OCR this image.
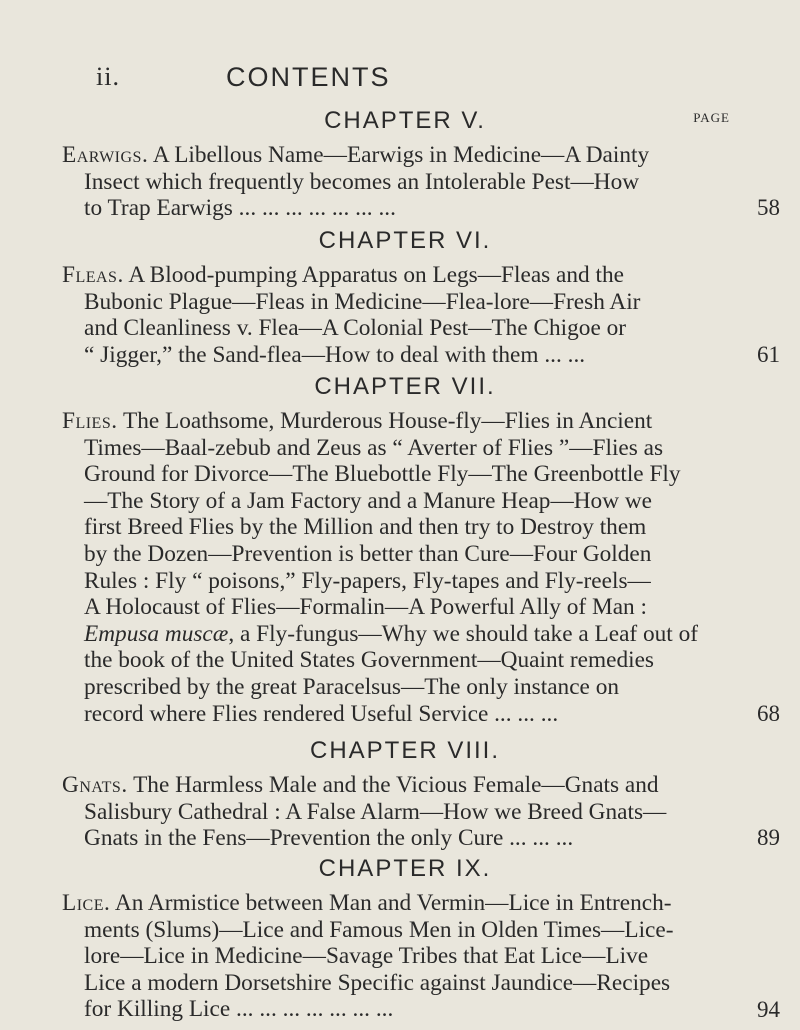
ii.	CONTENTS
PAGE
CHAPTER V.
Earwigs. A Libellous Name—Earwigs in Medicine—A Dainty
Insect which frequently becomes an Intolerable Pest—How
to Trap Earwigs ... ... ... ... ... ... ...	58
CHAPTER VI.
Fleas. A Blood-pumping Apparatus on Legs—Fleas and the
Bubonic Plague—Fleas in Medicine—Flea-lore—Fresh Air
and Cleanliness v. Flea—A Colonial Pest—The Chigoe or
“ Jigger,” the Sand-flea—How to deal with them ... ...	61
CHAPTER VII.
Flies. The Loathsome, Murderous House-fly—Flies in Ancient
Times—Baal-zebub and Zeus as “ Averter of Flies ”—Flies as
Ground for Divorce—The Bluebottle Fly—The Greenbottle Fly
—The Story of a Jam Factory and a Manure Heap—How we
first Breed Flies by the Million and then try to Destroy them
by the Dozen—Prevention is better than Cure—Four Golden
Rules : Fly “ poisons,” Fly-papers, Fly-tapes and Fly-reels—
A Holocaust of Flies—Formalin—A Powerful Ally of Man :
Empusa muscæ, a Fly-fungus—Why we should take a Leaf out of
the book of the United States Government—Quaint remedies
prescribed by the great Paracelsus—The only instance on
record where Flies rendered Useful Service ... ... ...	68
CHAPTER VIII.
Gnats. The Harmless Male and the Vicious Female—Gnats and
Salisbury Cathedral : A False Alarm—How we Breed Gnats—
Gnats in the Fens—Prevention the only Cure ... ... ...	89
CHAPTER IX.
Lice. An Armistice between Man and Vermin—Lice in Entrench-
ments (Slums)—Lice and Famous Men in Olden Times—Lice-
lore—Lice in Medicine—Savage Tribes that Eat Lice—Live
Lice a modern Dorsetshire Specific against Jaundice—Recipes
for Killing Lice ... ... ... ... ... ... ...	94
